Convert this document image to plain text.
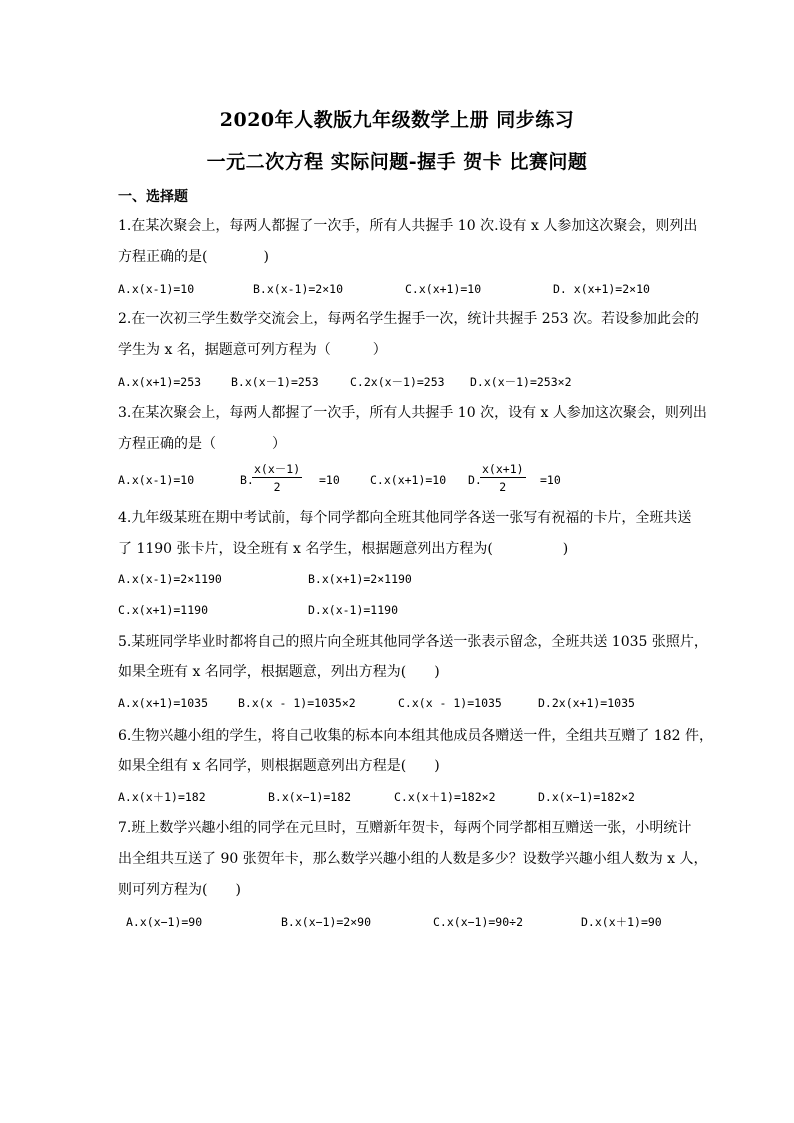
2020年人教版九年级数学上册 同步练习
一元二次方程 实际问题-握手 贺卡 比赛问题
一、选择题
1.在某次聚会上，每两人都握了一次手，所有人共握手 10 次.设有 x 人参加这次聚会，则列出
方程正确的是(　　　　)
A.x(x-1)=10	B.x(x-1)=2×10	C.x(x+1)=10	D. x(x+1)=2×10
2.在一次初三学生数学交流会上，每两名学生握手一次，统计共握手 253 次。若设参加此会的
学生为 x 名，据题意可列方程为（　　　）
A.x(x+1)=253	B.x(x－1)=253	C.2x(x－1)=253 D.x(x－1)=253×2
3.在某次聚会上，每两人都握了一次手，所有人共握手 10 次，设有 x 人参加这次聚会，则列出
方程正确的是（　　　　）
A.x(x-1)=10	B.
$\frac{x(x-1)}{2} =10$	C.x(x+1)=10 D.
$\frac{x(x+1)}{2} =10$
4.九年级某班在期中考试前，每个同学都向全班其他同学各送一张写有祝福的卡片，全班共送
了 1190 张卡片，设全班有 x 名学生，根据题意列出方程为(　　　　　)
A.x(x-1)=2×1190	B.x(x+1)=2×1190
C.x(x+1)=1190	D.x(x-1)=1190
5.某班同学毕业时都将自己的照片向全班其他同学各送一张表示留念，全班共送 1035 张照片，
如果全班有 x 名同学，根据题意，列出方程为(　　)
A.x(x+1)=1035	B.x(x - 1)=1035×2	C.x(x - 1)=1035	D.2x(x+1)=1035
6.生物兴趣小组的学生，将自己收集的标本向本组其他成员各赠送一件，全组共互赠了 182 件，
如果全组有 x 名同学，则根据题意列出方程是(　　)
A.x(x＋1)=182	B.x(x−1)=182	C.x(x＋1)=182×2	D.x(x−1)=182×2
7.班上数学兴趣小组的同学在元旦时，互赠新年贺卡，每两个同学都相互赠送一张，小明统计
出全组共互送了 90 张贺年卡，那么数学兴趣小组的人数是多少？设数学兴趣小组人数为 x 人，
则可列方程为(　　)
A.x(x−1)=90	B.x(x−1)=2×90	C.x(x−1)=90÷2	D.x(x＋1)=90
